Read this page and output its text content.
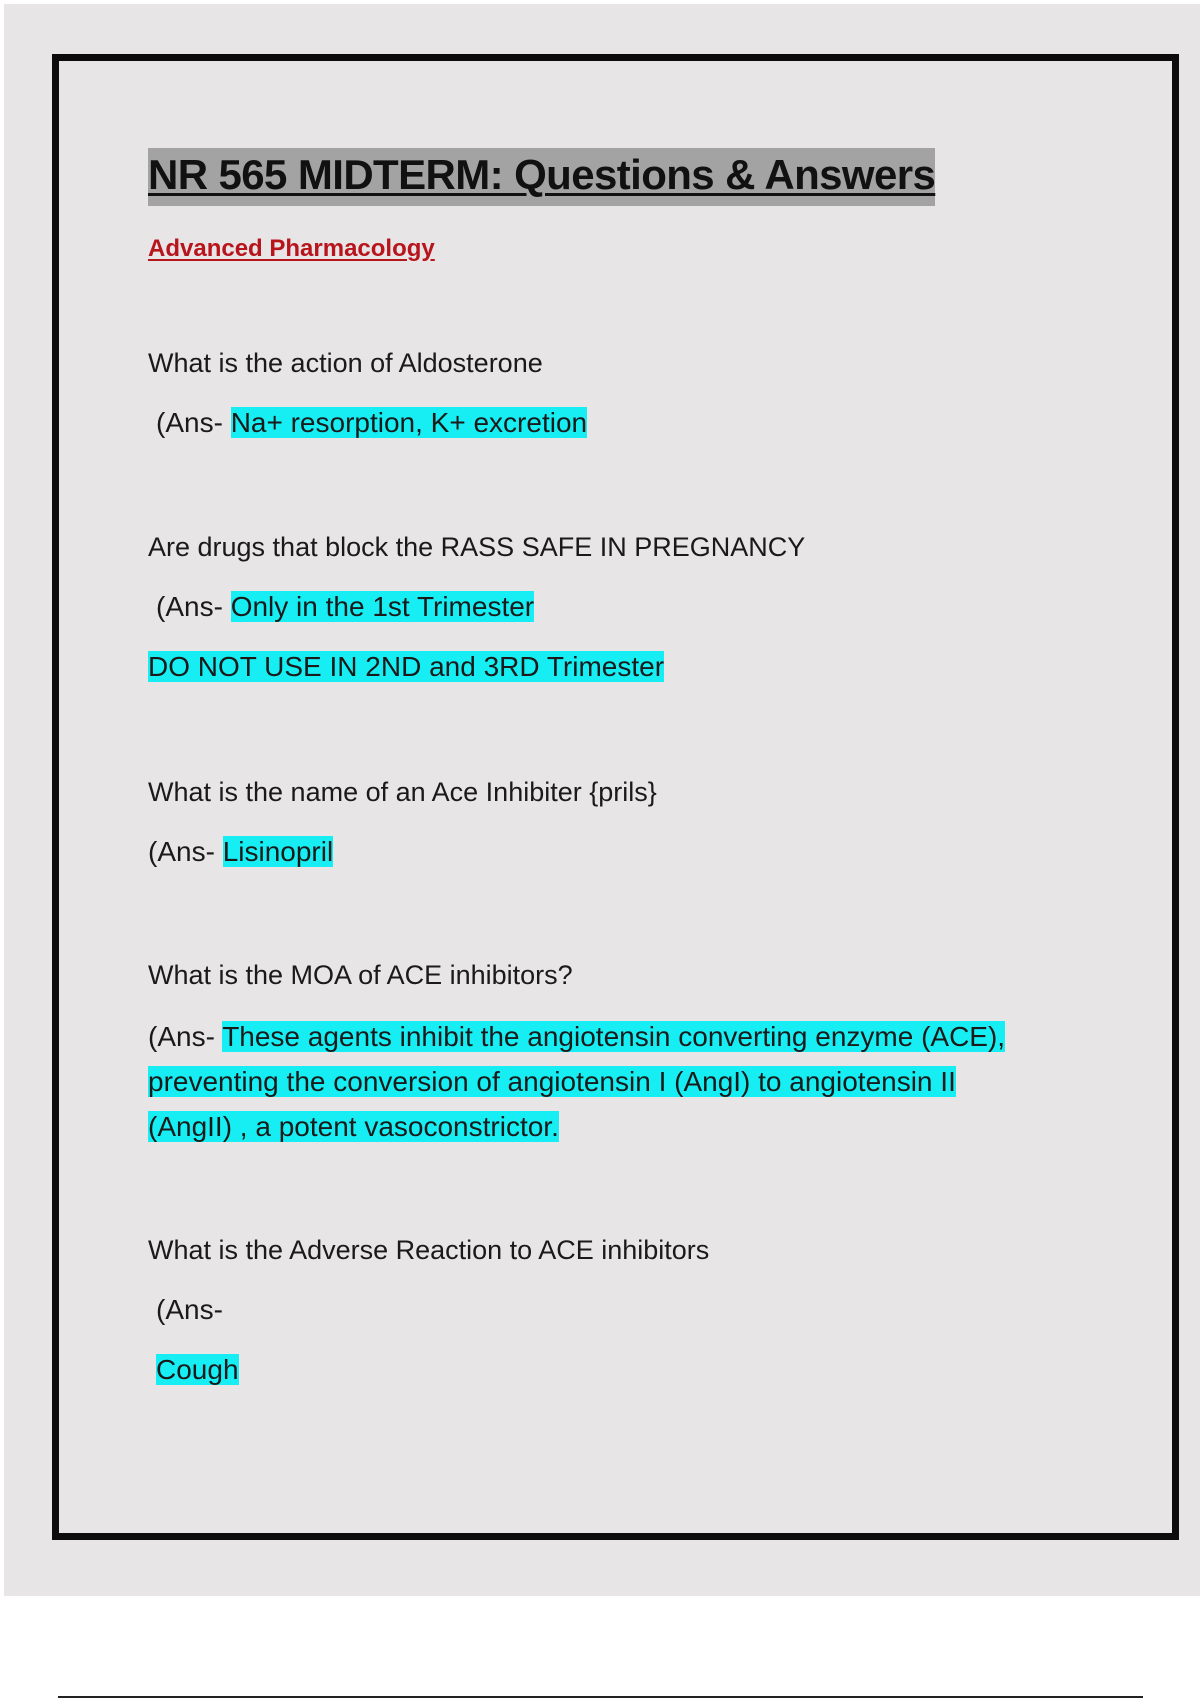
NR 565 MIDTERM: Questions & Answers
Advanced Pharmacology
What is the action of Aldosterone
(Ans- Na+ resorption, K+ excretion
Are drugs that block the RASS SAFE IN PREGNANCY
(Ans- Only in the 1st Trimester
DO NOT USE IN 2ND and 3RD Trimester
What is the name of an Ace Inhibiter {prils}
(Ans- Lisinopril
What is the MOA of ACE inhibitors?
(Ans- These agents inhibit the angiotensin converting enzyme (ACE),
preventing the conversion of angiotensin I (AngI) to angiotensin II
(AngII) , a potent vasoconstrictor.
What is the Adverse Reaction to ACE inhibitors
(Ans-
Cough
